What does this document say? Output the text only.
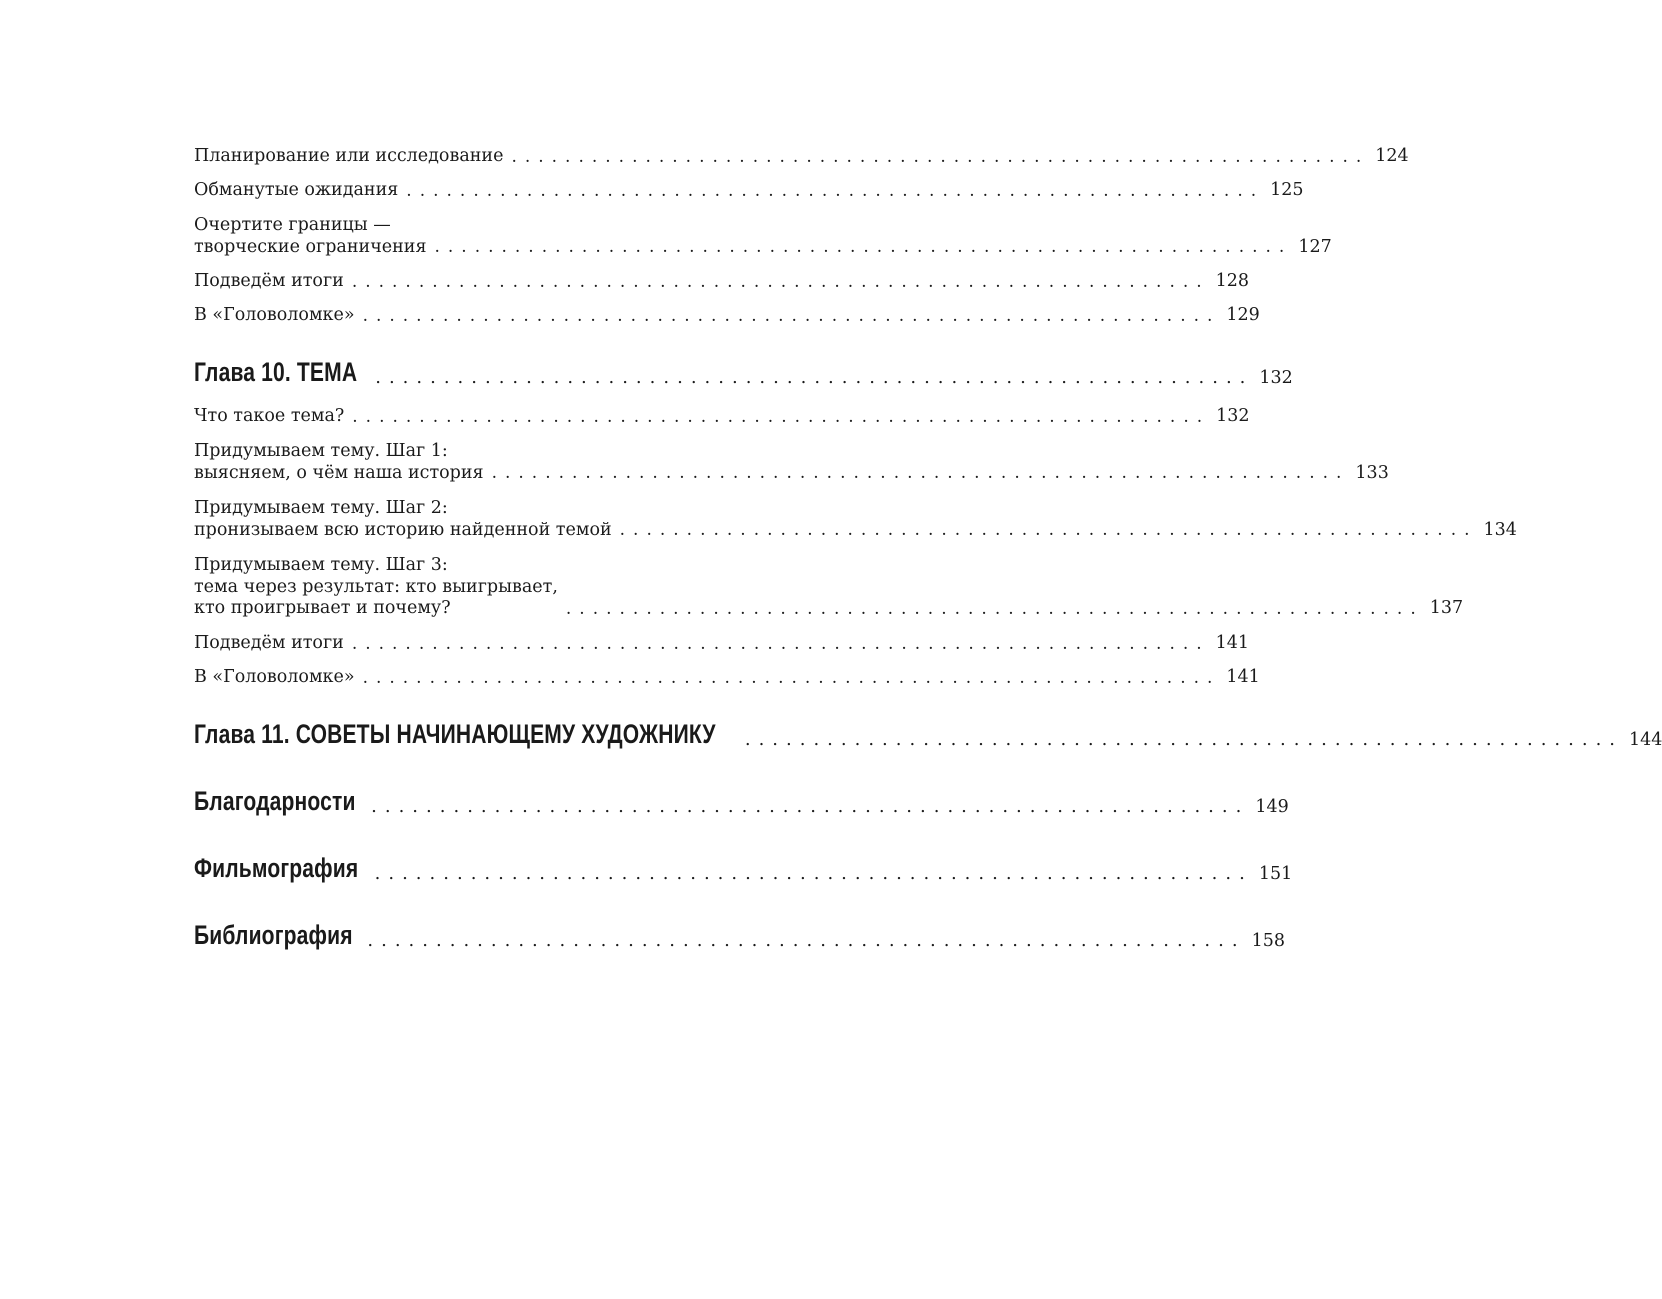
Планирование или исследование ................................................................ 124
Обманутые ожидания ................................................................ 125
Очертите границы —
творческие ограничения ................................................................ 127
Подведём итоги ................................................................ 128
В «Головоломке» ................................................................ 129
Глава 10. ТЕМА ................................................................ 132
Что такое тема? ................................................................ 132
Придумываем тему. Шаг 1:
выясняем, о чём наша история ................................................................ 133
Придумываем тему. Шаг 2:
пронизываем всю историю найденной темой ................................................................ 134
Придумываем тему. Шаг 3:
тема через результат: кто выигрывает,
кто проигрывает и почему?	................................................................ 137
Подведём итоги ................................................................ 141
В «Головоломке» ................................................................ 141
Глава 11. СОВЕТЫ НАЧИНАЮЩЕМУ ХУДОЖНИКУ ................................................................ 144
Благодарности ................................................................ 149
Фильмография ................................................................ 151
Библиография ................................................................ 158
